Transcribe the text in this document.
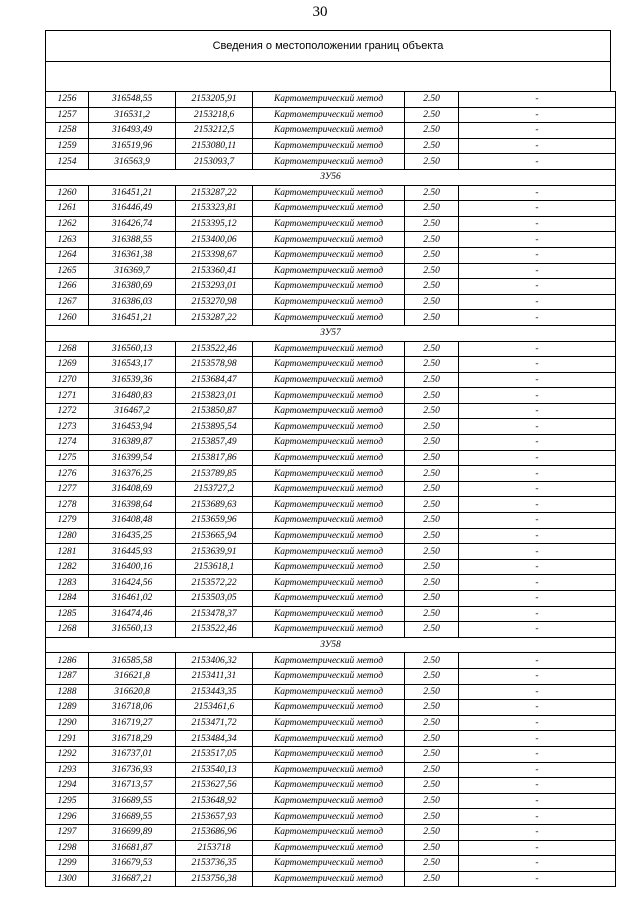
30
Сведения о местоположении границ объекта
1256	316548,55	2153205,91	Картометрический метод	2.50	-
1257	316531,2	2153218,6	Картометрический метод	2.50	-
1258	316493,49	2153212,5	Картометрический метод	2.50	-
1259	316519,96	2153080,11	Картометрический метод	2.50	-
1254	316563,9	2153093,7	Картометрический метод	2.50	-
ЗУ56					
1260	316451,21	2153287,22	Картометрический метод	2.50	-
1261	316446,49	2153323,81	Картометрический метод	2.50	-
1262	316426,74	2153395,12	Картометрический метод	2.50	-
1263	316388,55	2153400,06	Картометрический метод	2.50	-
1264	316361,38	2153398,67	Картометрический метод	2.50	-
1265	316369,7	2153360,41	Картометрический метод	2.50	-
1266	316380,69	2153293,01	Картометрический метод	2.50	-
1267	316386,03	2153270,98	Картометрический метод	2.50	-
1260	316451,21	2153287,22	Картометрический метод	2.50	-
ЗУ57					
1268	316560,13	2153522,46	Картометрический метод	2.50	-
1269	316543,17	2153578,98	Картометрический метод	2.50	-
1270	316539,36	2153684,47	Картометрический метод	2.50	-
1271	316480,83	2153823,01	Картометрический метод	2.50	-
1272	316467,2	2153850,87	Картометрический метод	2.50	-
1273	316453,94	2153895,54	Картометрический метод	2.50	-
1274	316389,87	2153857,49	Картометрический метод	2.50	-
1275	316399,54	2153817,86	Картометрический метод	2.50	-
1276	316376,25	2153789,85	Картометрический метод	2.50	-
1277	316408,69	2153727,2	Картометрический метод	2.50	-
1278	316398,64	2153689,63	Картометрический метод	2.50	-
1279	316408,48	2153659,96	Картометрический метод	2.50	-
1280	316435,25	2153665,94	Картометрический метод	2.50	-
1281	316445,93	2153639,91	Картометрический метод	2.50	-
1282	316400,16	2153618,1	Картометрический метод	2.50	-
1283	316424,56	2153572,22	Картометрический метод	2.50	-
1284	316461,02	2153503,05	Картометрический метод	2.50	-
1285	316474,46	2153478,37	Картометрический метод	2.50	-
1268	316560,13	2153522,46	Картометрический метод	2.50	-
ЗУ58					
1286	316585,58	2153406,32	Картометрический метод	2.50	-
1287	316621,8	2153411,31	Картометрический метод	2.50	-
1288	316620,8	2153443,35	Картометрический метод	2.50	-
1289	316718,06	2153461,6	Картометрический метод	2.50	-
1290	316719,27	2153471,72	Картометрический метод	2.50	-
1291	316718,29	2153484,34	Картометрический метод	2.50	-
1292	316737,01	2153517,05	Картометрический метод	2.50	-
1293	316736,93	2153540,13	Картометрический метод	2.50	-
1294	316713,57	2153627,56	Картометрический метод	2.50	-
1295	316689,55	2153648,92	Картометрический метод	2.50	-
1296	316689,55	2153657,93	Картометрический метод	2.50	-
1297	316699,89	2153686,96	Картометрический метод	2.50	-
1298	316681,87	2153718	Картометрический метод	2.50	-
1299	316679,53	2153736,35	Картометрический метод	2.50	-
1300	316687,21	2153756,38	Картометрический метод	2.50	-
